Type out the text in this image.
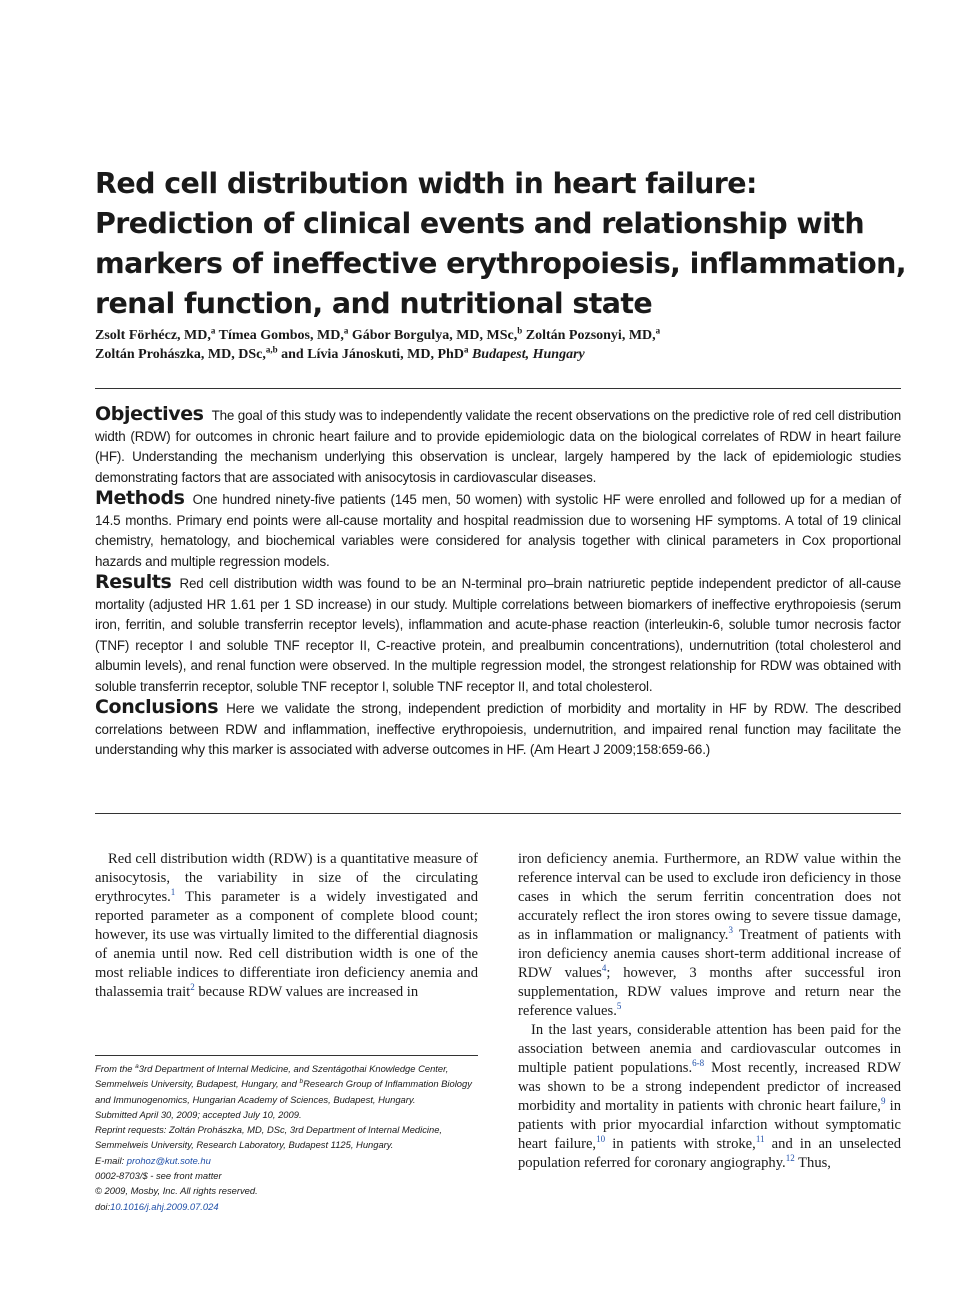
Red cell distribution width in heart failure: Prediction of clinical events and relationship with markers of ineffective erythropoiesis, inflammation, renal function, and nutritional state
Zsolt Förhécz, MD,$^a$ Tímea Gombos, MD,$^a$ Gábor Borgulya, MD, MSc,$^b$ Zoltán Pozsonyi, MD,$^a$
Zoltán Prohászka, MD, DSc,$^{a,b}$ and Lívia Jánoskuti, MD, PhD$^a$ Budapest, Hungary

Objectives The goal of this study was to independently validate the recent observations on the predictive role of red cell distribution width (RDW) for outcomes in chronic heart failure and to provide epidemiologic data on the biological correlates of RDW in heart failure (HF). Understanding the mechanism underlying this observation is unclear, largely hampered by the lack of epidemiologic studies demonstrating factors that are associated with anisocytosis in cardiovascular diseases.

Methods One hundred ninety-five patients (145 men, 50 women) with systolic HF were enrolled and followed up for a median of 14.5 months. Primary end points were all-cause mortality and hospital readmission due to worsening HF symptoms. A total of 19 clinical chemistry, hematology, and biochemical variables were considered for analysis together with clinical parameters in Cox proportional hazards and multiple regression models.

Results Red cell distribution width was found to be an N-terminal pro–brain natriuretic peptide independent predictor of all-cause mortality (adjusted HR 1.61 per 1 SD increase) in our study. Multiple correlations between biomarkers of ineffective erythropoiesis (serum iron, ferritin, and soluble transferrin receptor levels), inflammation and acute-phase reaction (interleukin-6, soluble tumor necrosis factor (TNF) receptor I and soluble TNF receptor II, C-reactive protein, and prealbumin concentrations), undernutrition (total cholesterol and albumin levels), and renal function were observed. In the multiple regression model, the strongest relationship for RDW was obtained with soluble transferrin receptor, soluble TNF receptor I, soluble TNF receptor II, and total cholesterol.

Conclusions Here we validate the strong, independent prediction of morbidity and mortality in HF by RDW. The described correlations between RDW and inflammation, ineffective erythropoiesis, undernutrition, and impaired renal function may facilitate the understanding why this marker is associated with adverse outcomes in HF. (Am Heart J 2009;158:659-66.)

Red cell distribution width (RDW) is a quantitative measure of anisocytosis, the variability in size of the circulating erythrocytes.$^1$ This parameter is a widely investigated and reported parameter as a component of complete blood count; however, its use was virtually limited to the differential diagnosis of anemia until now. Red cell distribution width is one of the most reliable indices to differentiate iron deficiency anemia and thalassemia trait$^2$ because RDW values are increased in

iron deficiency anemia. Furthermore, an RDW value within the reference interval can be used to exclude iron deficiency in those cases in which the serum ferritin concentration does not accurately reflect the iron stores owing to severe tissue damage, as in inflammation or malignancy.$^3$ Treatment of patients with iron deficiency anemia causes short-term additional increase of RDW values$^4$; however, 3 months after successful iron supplementation, RDW values improve and return near the reference values.$^5$

In the last years, considerable attention has been paid for the association between anemia and cardiovascular outcomes in multiple patient populations.$^{6-8}$ Most recently, increased RDW was shown to be a strong independent predictor of increased morbidity and mortality in patients with chronic heart failure,$^9$ in patients with prior myocardial infarction without symptomatic heart failure,$^{10}$ in patients with stroke,$^{11}$ and in an unselected population referred for coronary angiography.$^{12}$ Thus,

From the $^a$3rd Department of Internal Medicine, and Szentágothai Knowledge Center, Semmelweis University, Budapest, Hungary, and $^b$Research Group of Inflammation Biology and Immunogenomics, Hungarian Academy of Sciences, Budapest, Hungary.
Submitted April 30, 2009; accepted July 10, 2009.
Reprint requests: Zoltán Prohászka, MD, DSc, 3rd Department of Internal Medicine, Semmelweis University, Research Laboratory, Budapest 1125, Hungary.
E-mail: prohoz@kut.sote.hu
0002-8703/$ - see front matter
© 2009, Mosby, Inc. All rights reserved.
doi:10.1016/j.ahj.2009.07.024
